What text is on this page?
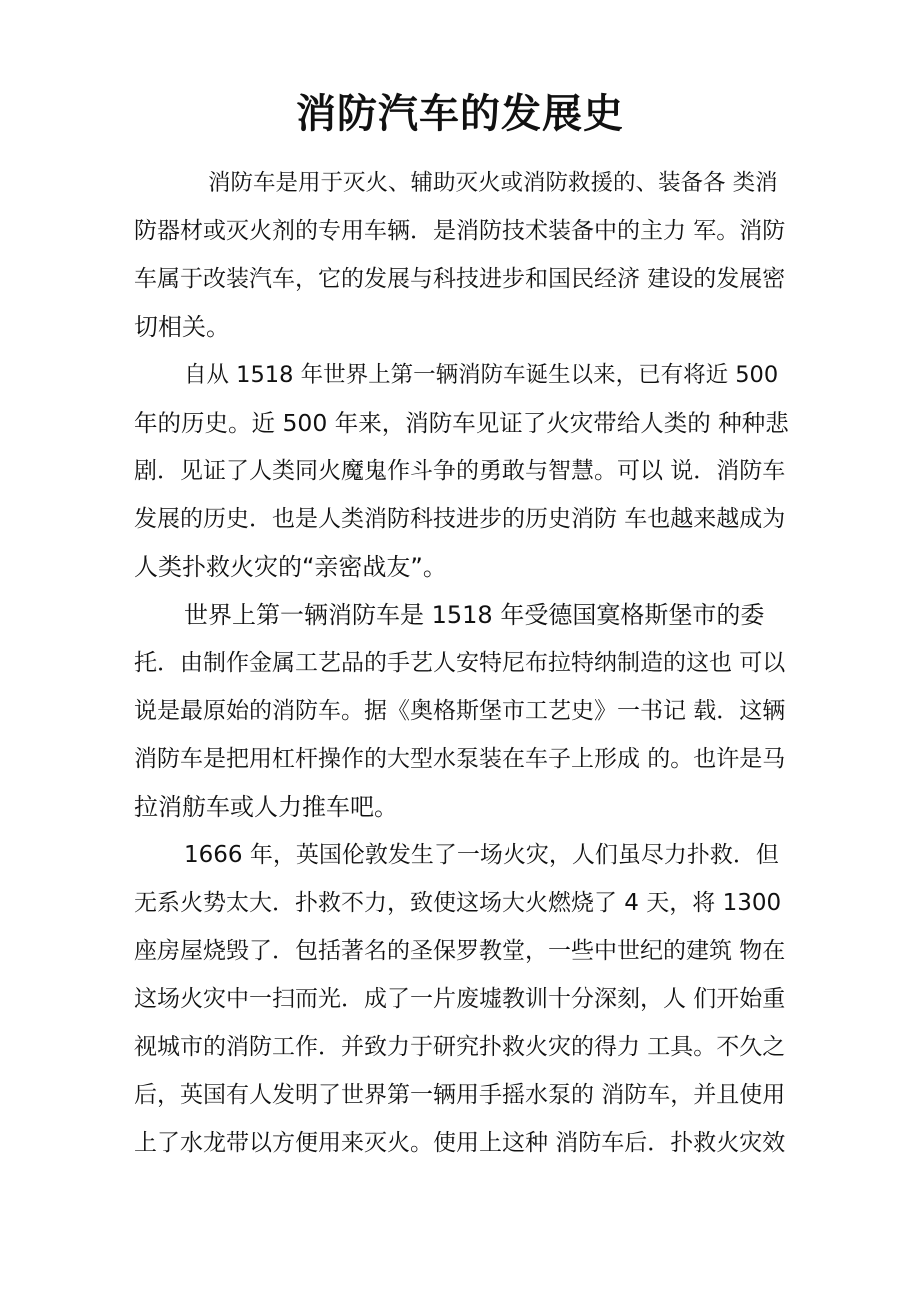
消防汽车的发展史
消防车是用于灭火、辅助灭火或消防救援的、装备各 类消
防器材或灭火剂的专用车辆．是消防技术装备中的主力 军。消防
车属于改装汽车，它的发展与科技进步和国民经济 建设的发展密
切相关。
自从 1518 年世界上第一辆消防车诞生以来，已有将近 500
年的历史。近 500 年来，消防车见证了火灾带给人类的 种种悲
剧．见证了人类同火魔鬼作斗争的勇敢与智慧。可以 说．消防车
发展的历史．也是人类消防科技进步的历史消防 车也越来越成为
人类扑救火灾的“亲密战友”。
世界上第一辆消防车是 1518 年受德国寞格斯堡市的委
托．由制作金属工艺品的手艺人安特尼布拉特纳制造的这也 可以
说是最原始的消防车。据《奥格斯堡市工艺史》一书记 载．这辆
消防车是把用杠杆操作的大型水泵装在车子上形成 的。也许是马
拉消舫车或人力推车吧。
1666 年，英国伦敦发生了一场火灾，人们虽尽力扑救．但
无系火势太大．扑救不力，致使这场大火燃烧了 4 天，将 1300
座房屋烧毁了．包括著名的圣保罗教堂，一些中世纪的建筑 物在
这场火灾中一扫而光．成了一片废墟教训十分深刻，人 们开始重
视城市的消防工作．并致力于研究扑救火灾的得力 工具。不久之
后，英国有人发明了世界第一辆用手摇水泵的 消防车，并且使用
上了水龙带以方便用来灭火。使用上这种 消防车后．扑救火灾效
